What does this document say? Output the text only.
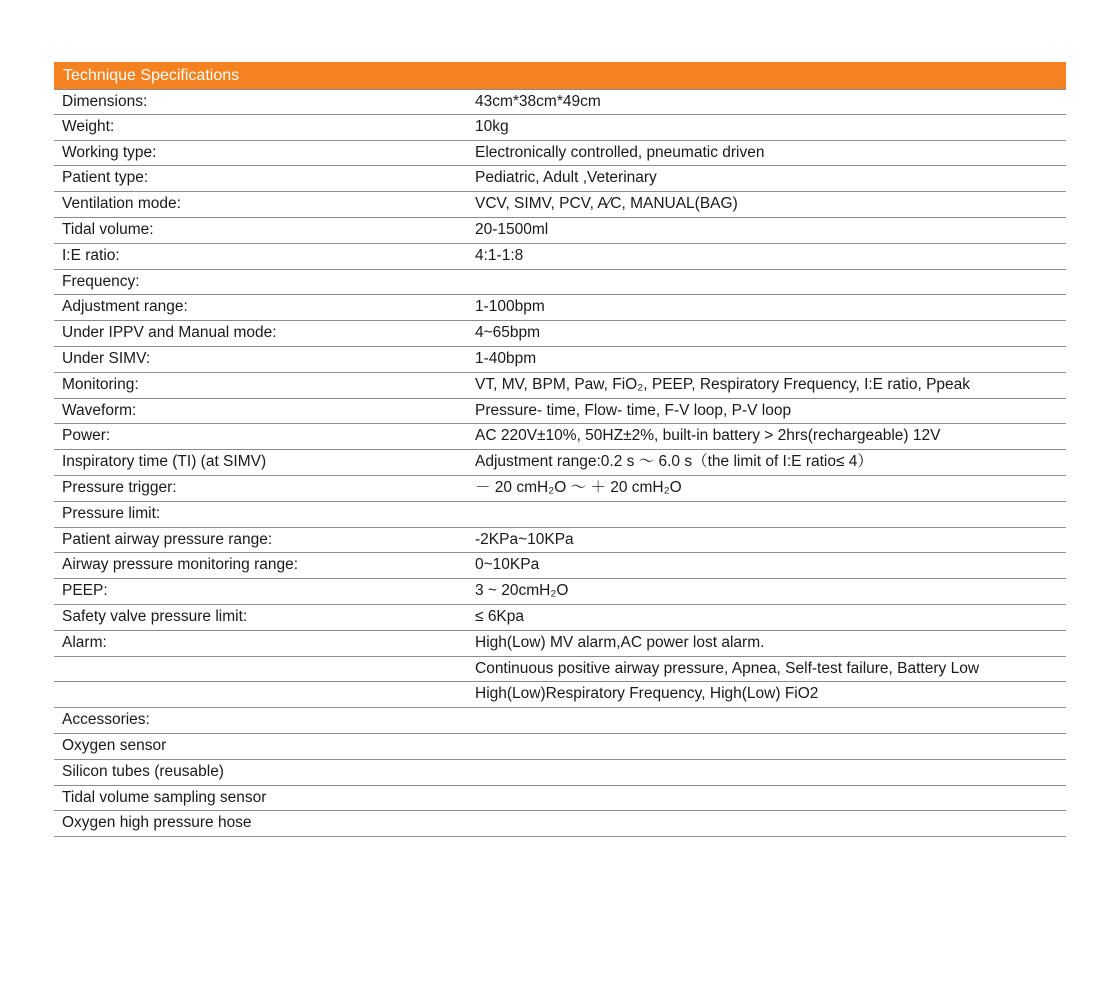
Technique Specifications
Dimensions:	43cm*38cm*49cm
Weight:	10kg
Working type:	Electronically controlled, pneumatic driven
Patient type:	Pediatric, Adult ,Veterinary
Ventilation mode:	VCV, SIMV, PCV, A⁄C, MANUAL(BAG)
Tidal volume:	20-1500ml
I:E ratio:	4:1-1:8
Frequency:
Adjustment range:	1-100bpm
Under IPPV and Manual mode:	4~65bpm
Under SIMV:	1-40bpm
Monitoring:	VT, MV, BPM, Paw, FiO₂, PEEP, Respiratory Frequency, I:E ratio, Ppeak
Waveform:	Pressure- time, Flow- time, F-V loop, P-V loop
Power:	AC 220V±10%, 50HZ±2%, built-in battery > 2hrs(rechargeable) 12V
Inspiratory time (TI) (at SIMV)	Adjustment range:0.2 s ～ 6.0 s（the limit of I:E ratio≤ 4）
Pressure trigger:	－ 20 cmH₂O ～ ＋ 20 cmH₂O
Pressure limit:
Patient airway pressure range:	-2KPa~10KPa
Airway pressure monitoring range:	0~10KPa
PEEP:	3 ~ 20cmH₂O
Safety valve pressure limit:	≤ 6Kpa
Alarm:	High(Low) MV alarm,AC power lost alarm.
Continuous positive airway pressure, Apnea, Self-test failure, Battery Low
High(Low)Respiratory Frequency, High(Low) FiO2
Accessories:
Oxygen sensor
Silicon tubes (reusable)
Tidal volume sampling sensor
Oxygen high pressure hose
